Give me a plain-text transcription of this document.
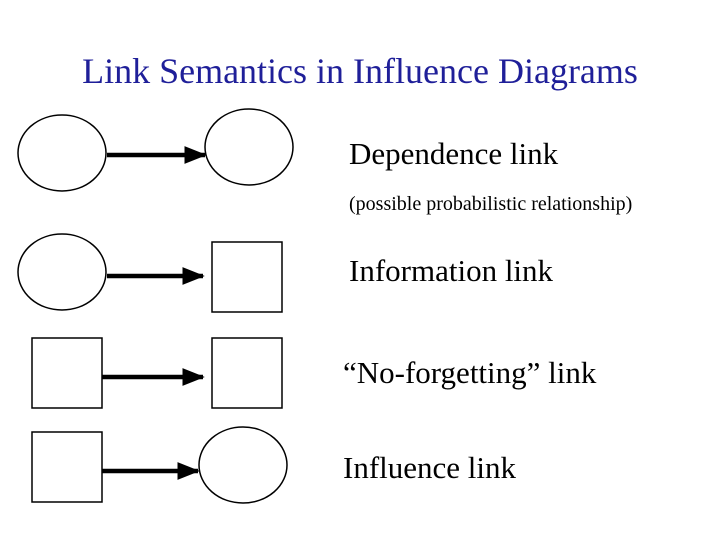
Link Semantics in Influence Diagrams
Dependence link
(possible probabilistic relationship)
Information link
“No-forgetting” link
Influence link
